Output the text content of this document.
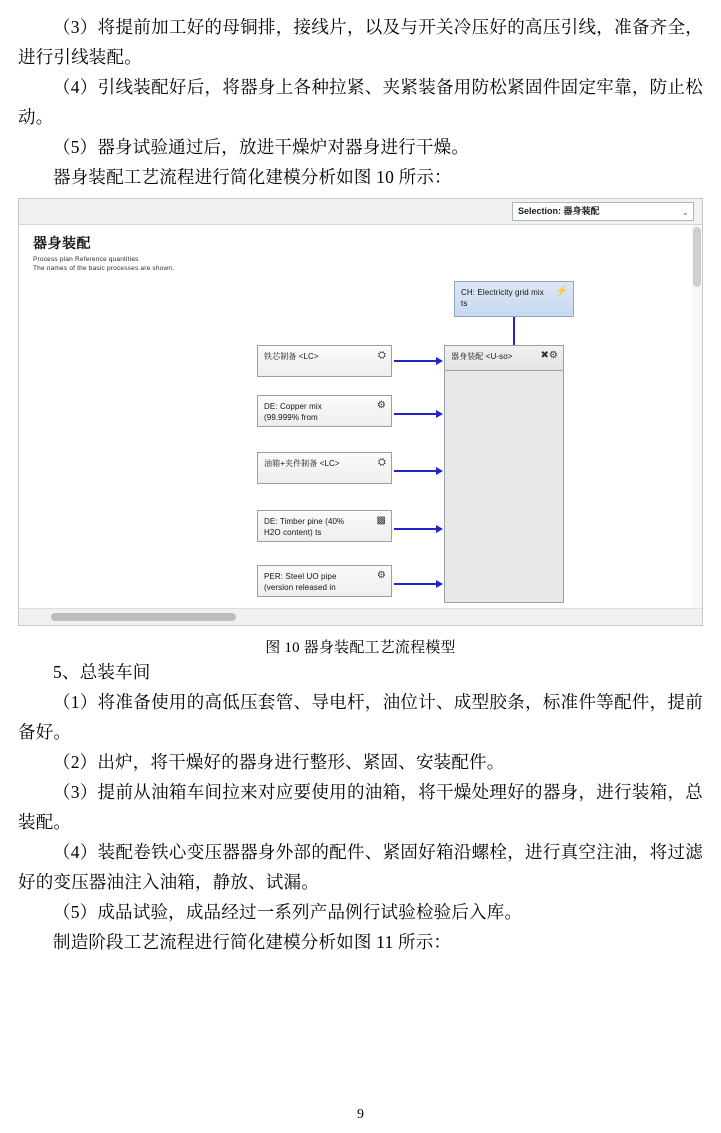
（3）将提前加工好的母铜排，接线片，以及与开关冷压好的高压引线，准备齐全，进行引线装配。

（4）引线装配好后，将器身上各种拉紧、夹紧装备用防松紧固件固定牢靠，防止松动。

（5）器身试验通过后，放进干燥炉对器身进行干燥。

器身装配工艺流程进行简化建模分析如图 10 所示：

Selection: 器身装配	⌄
器身装配
Process plan Reference quantities
The names of the basic processes are shown.
CH: Electricity grid mix
ts
⚡
器身装配 <U-so>	✖⚙
铁芯制备 <LC>	⛭
DE: Copper mix
(99.999% from
⚙
油箱+夹件制备 <LC>	⛭
DE: Timber pine (40%
H2O content) ts
▩
PER: Steel UO pipe
(version released in
⚙
图 10 器身装配工艺流程模型

5、总装车间

（1）将准备使用的高低压套管、导电杆，油位计、成型胶条，标准件等配件，提前备好。

（2）出炉，将干燥好的器身进行整形、紧固、安装配件。

（3）提前从油箱车间拉来对应要使用的油箱，将干燥处理好的器身，进行装箱，总装配。

（4）装配卷铁心变压器器身外部的配件、紧固好箱沿螺栓，进行真空注油，将过滤好的变压器油注入油箱，静放、试漏。

（5）成品试验，成品经过一系列产品例行试验检验后入库。

制造阶段工艺流程进行简化建模分析如图 11 所示：

9
